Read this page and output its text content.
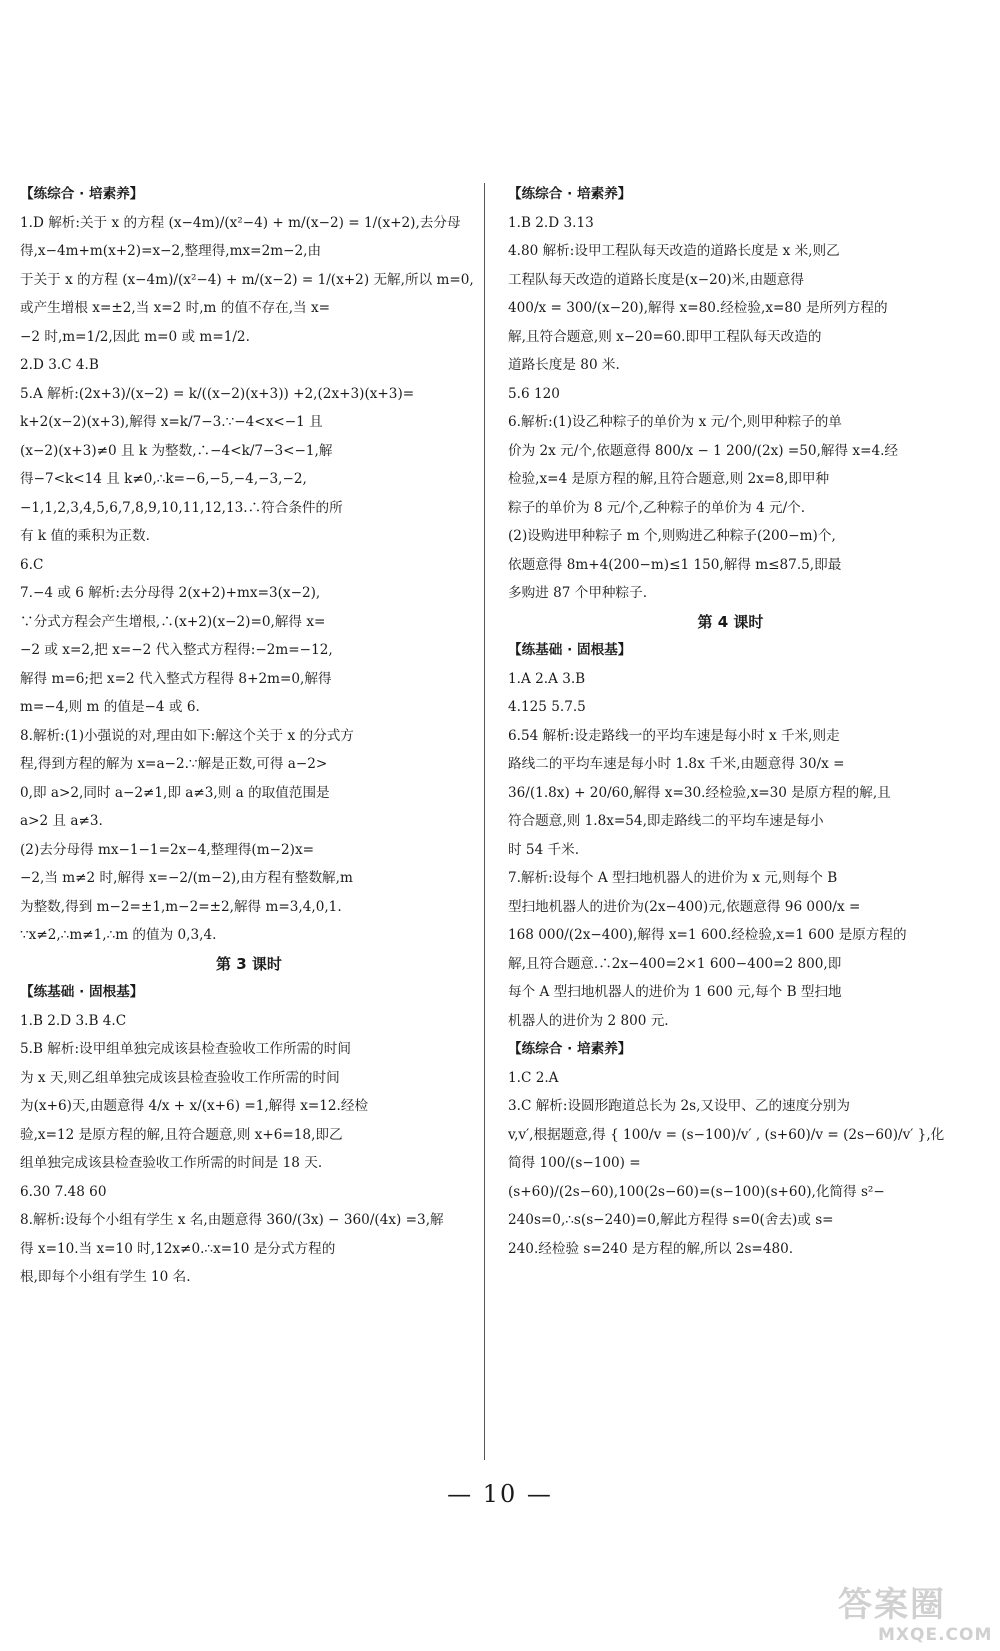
【练综合 · 培素养】
1.D 解析:关于 x 的方程 (x−4m)/(x²−4) + m/(x−2) = 1/(x+2),去分母
得,x−4m+m(x+2)=x−2,整理得,mx=2m−2,由
于关于 x 的方程 (x−4m)/(x²−4) + m/(x−2) = 1/(x+2) 无解,所以 m=0,
或产生增根 x=±2,当 x=2 时,m 的值不存在,当 x=
−2 时,m=1/2,因此 m=0 或 m=1/2.
2.D 3.C 4.B
5.A 解析:(2x+3)/(x−2) = k/((x−2)(x+3)) +2,(2x+3)(x+3)=
k+2(x−2)(x+3),解得 x=k/7−3.∵−4<x<−1 且
(x−2)(x+3)≠0 且 k 为整数,∴−4<k/7−3<−1,解
得−7<k<14 且 k≠0,∴k=−6,−5,−4,−3,−2,
−1,1,2,3,4,5,6,7,8,9,10,11,12,13.∴符合条件的所
有 k 值的乘积为正数.
6.C
7.−4 或 6 解析:去分母得 2(x+2)+mx=3(x−2),
∵分式方程会产生增根,∴(x+2)(x−2)=0,解得 x=
−2 或 x=2,把 x=−2 代入整式方程得:−2m=−12,
解得 m=6;把 x=2 代入整式方程得 8+2m=0,解得
m=−4,则 m 的值是−4 或 6.
8.解析:(1)小强说的对,理由如下:解这个关于 x 的分式方
程,得到方程的解为 x=a−2.∵解是正数,可得 a−2>
0,即 a>2,同时 a−2≠1,即 a≠3,则 a 的取值范围是
a>2 且 a≠3.
(2)去分母得 mx−1−1=2x−4,整理得(m−2)x=
−2,当 m≠2 时,解得 x=−2/(m−2),由方程有整数解,m
为整数,得到 m−2=±1,m−2=±2,解得 m=3,4,0,1.
∵x≠2,∴m≠1,∴m 的值为 0,3,4.
第 3 课时
【练基础 · 固根基】
1.B 2.D 3.B 4.C
5.B 解析:设甲组单独完成该县检查验收工作所需的时间
为 x 天,则乙组单独完成该县检查验收工作所需的时间
为(x+6)天,由题意得 4/x + x/(x+6) =1,解得 x=12.经检
验,x=12 是原方程的解,且符合题意,则 x+6=18,即乙
组单独完成该县检查验收工作所需的时间是 18 天.
6.30 7.48 60
8.解析:设每个小组有学生 x 名,由题意得 360/(3x) − 360/(4x) =3,解
得 x=10.当 x=10 时,12x≠0.∴x=10 是分式方程的
根,即每个小组有学生 10 名.
【练综合 · 培素养】
1.B 2.D 3.13
4.80 解析:设甲工程队每天改造的道路长度是 x 米,则乙
工程队每天改造的道路长度是(x−20)米,由题意得
400/x = 300/(x−20),解得 x=80.经检验,x=80 是所列方程的
解,且符合题意,则 x−20=60.即甲工程队每天改造的
道路长度是 80 米.
5.6 120
6.解析:(1)设乙种粽子的单价为 x 元/个,则甲种粽子的单
价为 2x 元/个,依题意得 800/x − 1 200/(2x) =50,解得 x=4.经
检验,x=4 是原方程的解,且符合题意,则 2x=8,即甲种
粽子的单价为 8 元/个,乙种粽子的单价为 4 元/个.
(2)设购进甲种粽子 m 个,则购进乙种粽子(200−m)个,
依题意得 8m+4(200−m)≤1 150,解得 m≤87.5,即最
多购进 87 个甲种粽子.
第 4 课时
【练基础 · 固根基】
1.A 2.A 3.B
4.125 5.7.5
6.54 解析:设走路线一的平均车速是每小时 x 千米,则走
路线二的平均车速是每小时 1.8x 千米,由题意得 30/x =
36/(1.8x) + 20/60,解得 x=30.经检验,x=30 是原方程的解,且
符合题意,则 1.8x=54,即走路线二的平均车速是每小
时 54 千米.
7.解析:设每个 A 型扫地机器人的进价为 x 元,则每个 B
型扫地机器人的进价为(2x−400)元,依题意得 96 000/x =
168 000/(2x−400),解得 x=1 600.经检验,x=1 600 是原方程的
解,且符合题意.∴2x−400=2×1 600−400=2 800,即
每个 A 型扫地机器人的进价为 1 600 元,每个 B 型扫地
机器人的进价为 2 800 元.
【练综合 · 培素养】
1.C 2.A
3.C 解析:设圆形跑道总长为 2s,又设甲、乙的速度分别为
v,v′,根据题意,得 { 100/v = (s−100)/v′ , (s+60)/v = (2s−60)/v′ },化简得 100/(s−100) =
(s+60)/(2s−60),100(2s−60)=(s−100)(s+60),化简得 s²−
240s=0,∴s(s−240)=0,解此方程得 s=0(舍去)或 s=
240.经检验 s=240 是方程的解,所以 2s=480.
— 10 —
答案圈
MXQE.COM
